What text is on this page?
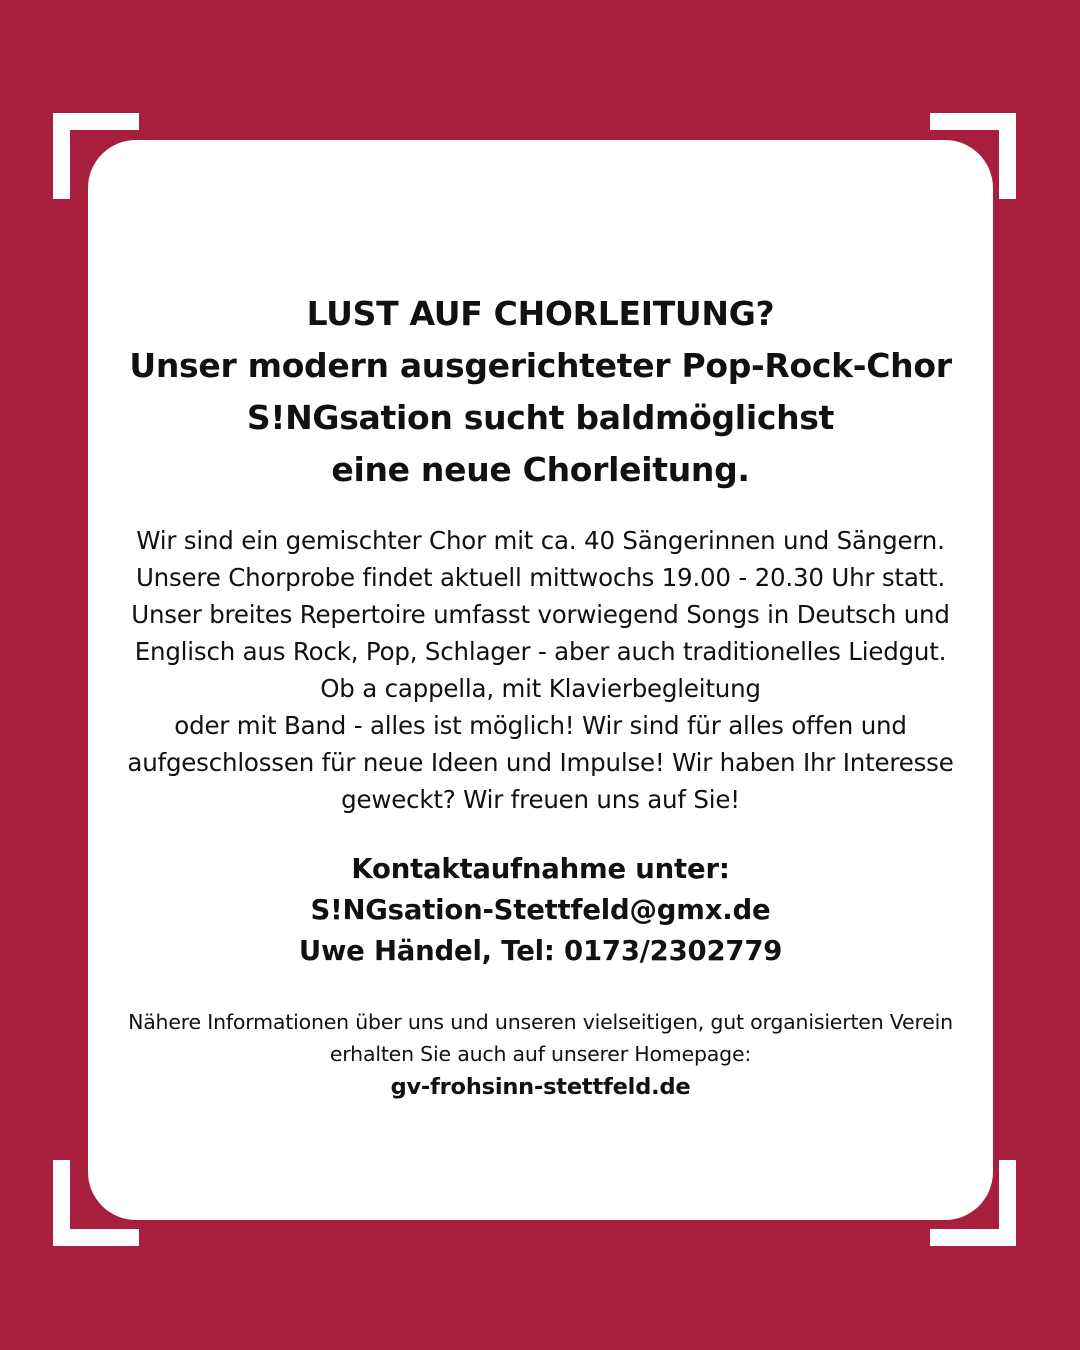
LUST AUF CHORLEITUNG?
Unser modern ausgerichteter Pop-Rock-Chor
S!NGsation sucht baldmöglichst
eine neue Chorleitung.
Wir sind ein gemischter Chor mit ca. 40 Sängerinnen und Sängern.
Unsere Chorprobe findet aktuell mittwochs 19.00 - 20.30 Uhr statt.
Unser breites Repertoire umfasst vorwiegend Songs in Deutsch und
Englisch aus Rock, Pop, Schlager - aber auch traditionelles Liedgut.
Ob a cappella, mit Klavierbegleitung
oder mit Band - alles ist möglich! Wir sind für alles offen und
aufgeschlossen für neue Ideen und Impulse! Wir haben Ihr Interesse
geweckt? Wir freuen uns auf Sie!
Kontaktaufnahme unter:
S!NGsation-Stettfeld@gmx.de
Uwe Händel, Tel: 0173/2302779
Nähere Informationen über uns und unseren vielseitigen, gut organisierten Verein
erhalten Sie auch auf unserer Homepage:
gv-frohsinn-stettfeld.de
